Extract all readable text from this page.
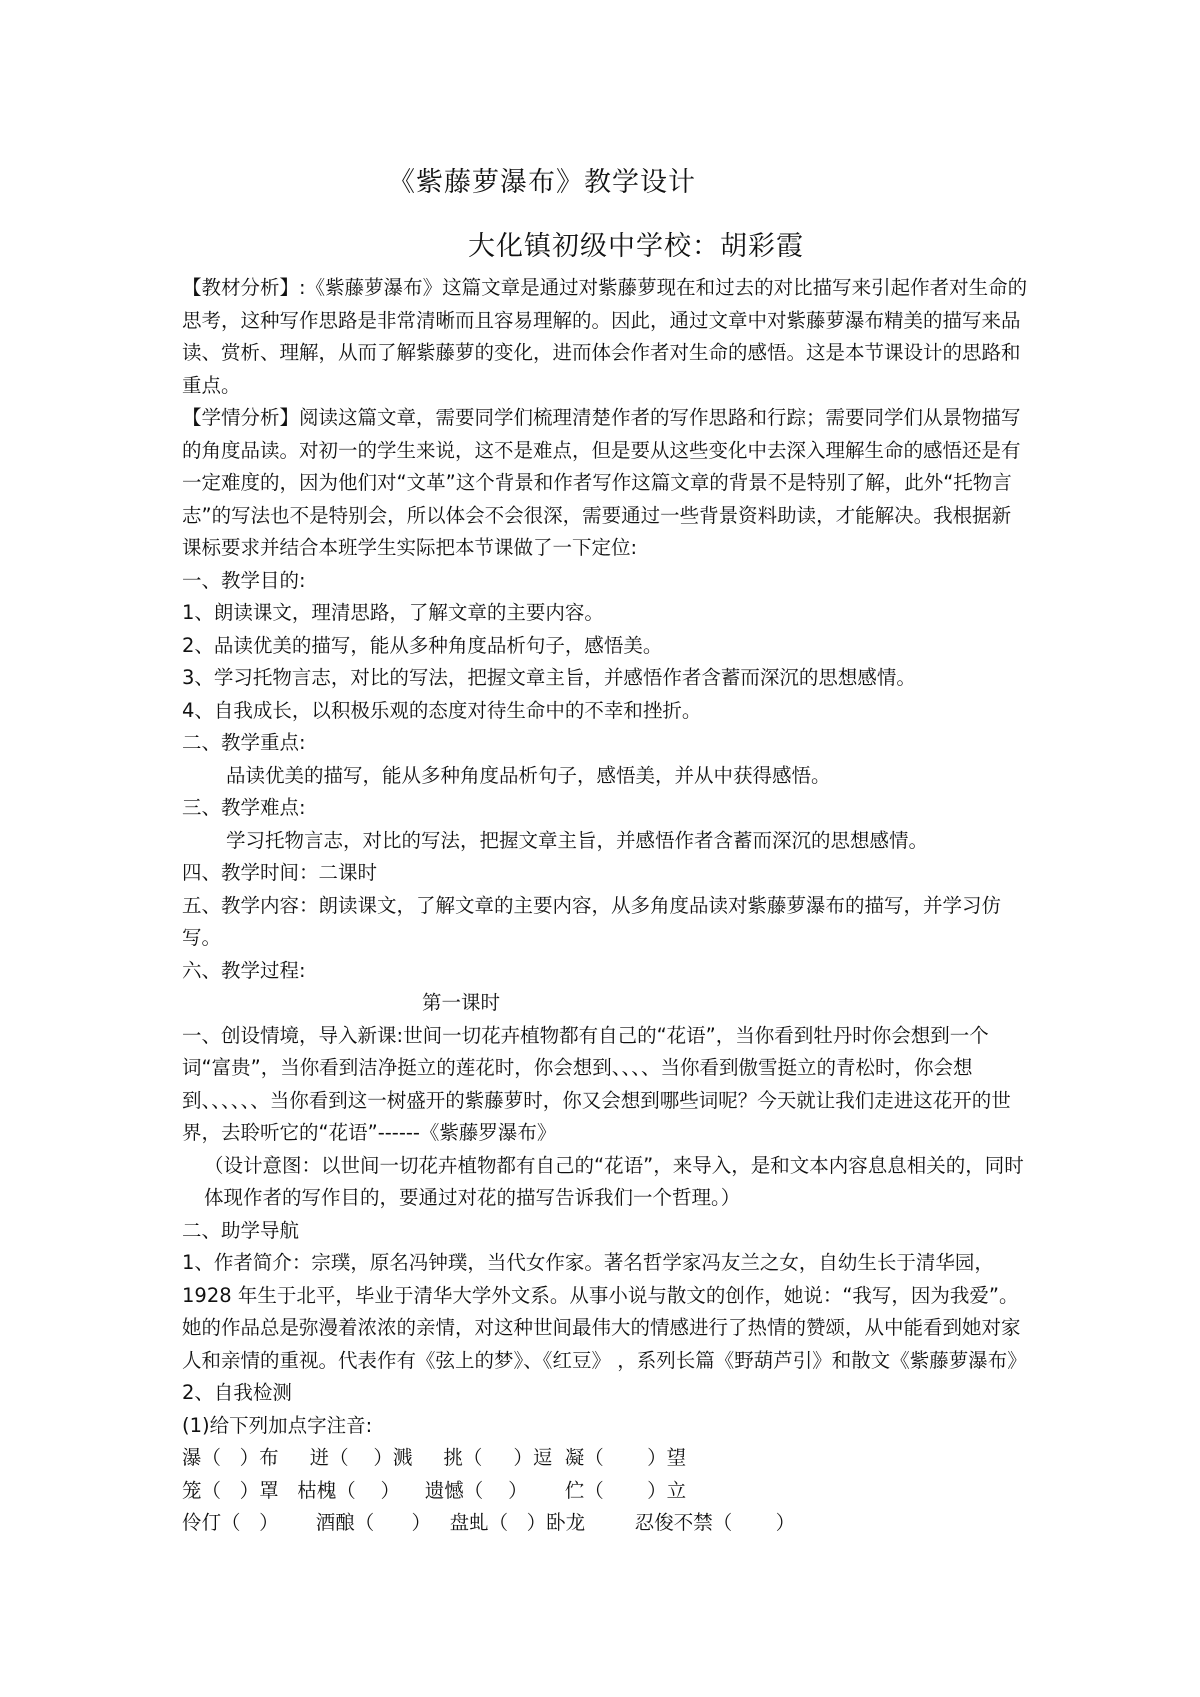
《紫藤萝瀑布》教学设计
大化镇初级中学校：胡彩霞

【教材分析】:《紫藤萝瀑布》这篇文章是通过对紫藤萝现在和过去的对比描写来引起作者对生命的思考，这种写作思路是非常清晰而且容易理解的。因此，通过文章中对紫藤萝瀑布精美的描写来品读、赏析、理解，从而了解紫藤萝的变化，进而体会作者对生命的感悟。这是本节课设计的思路和重点。

【学情分析】阅读这篇文章，需要同学们梳理清楚作者的写作思路和行踪；需要同学们从景物描写的角度品读。对初一的学生来说，这不是难点，但是要从这些变化中去深入理解生命的感悟还是有一定难度的，因为他们对“文革”这个背景和作者写作这篇文章的背景不是特别了解，此外“托物言志”的写法也不是特别会，所以体会不会很深，需要通过一些背景资料助读，才能解决。我根据新课标要求并结合本班学生实际把本节课做了一下定位:

一、教学目的:

1、朗读课文，理清思路，了解文章的主要内容。

2、品读优美的描写，能从多种角度品析句子，感悟美。

3、学习托物言志，对比的写法，把握文章主旨，并感悟作者含蓄而深沉的思想感情。

4、自我成长，以积极乐观的态度对待生命中的不幸和挫折。

二、教学重点:

品读优美的描写，能从多种角度品析句子，感悟美，并从中获得感悟。

三、教学难点:

学习托物言志，对比的写法，把握文章主旨，并感悟作者含蓄而深沉的思想感情。

四、教学时间：二课时

五、教学内容：朗读课文，了解文章的主要内容，从多角度品读对紫藤萝瀑布的描写，并学习仿写。

六、教学过程:

第一课时

一、创设情境，导入新课:世间一切花卉植物都有自己的“花语”，当你看到牡丹时你会想到一个词“富贵”，当你看到洁净挺立的莲花时，你会想到、、、、当你看到傲雪挺立的青松时，你会想到、、、、、、当你看到这一树盛开的紫藤萝时，你又会想到哪些词呢？今天就让我们走进这花开的世界，去聆听它的“花语”------《紫藤罗瀑布》

（设计意图：以世间一切花卉植物都有自己的“花语”，来导入，是和文本内容息息相关的，同时体现作者的写作目的，要通过对花的描写告诉我们一个哲理。）

二、助学导航

1、作者简介：宗璞，原名冯钟璞，当代女作家。著名哲学家冯友兰之女，自幼生长于清华园，1928 年生于北平，毕业于清华大学外文系。从事小说与散文的创作，她说：“我写，因为我爱”。她的作品总是弥漫着浓浓的亲情，对这种世间最伟大的情感进行了热情的赞颂，从中能看到她对家人和亲情的重视。代表作有《弦上的梦》、《红豆》 ，系列长篇《野葫芦引》和散文《紫藤萝瀑布》

2、自我检测

(1)给下列加点字注音:

瀑（   ）布     迸（    ）溅     挑（     ）逗  凝（       ）望

笼（   ）罩   枯槐（    ）    遗憾（    ）      伫（       ）立

伶仃（   ）      酒酿（      ）   盘虬（   ）卧龙        忍俊不禁（       ）
